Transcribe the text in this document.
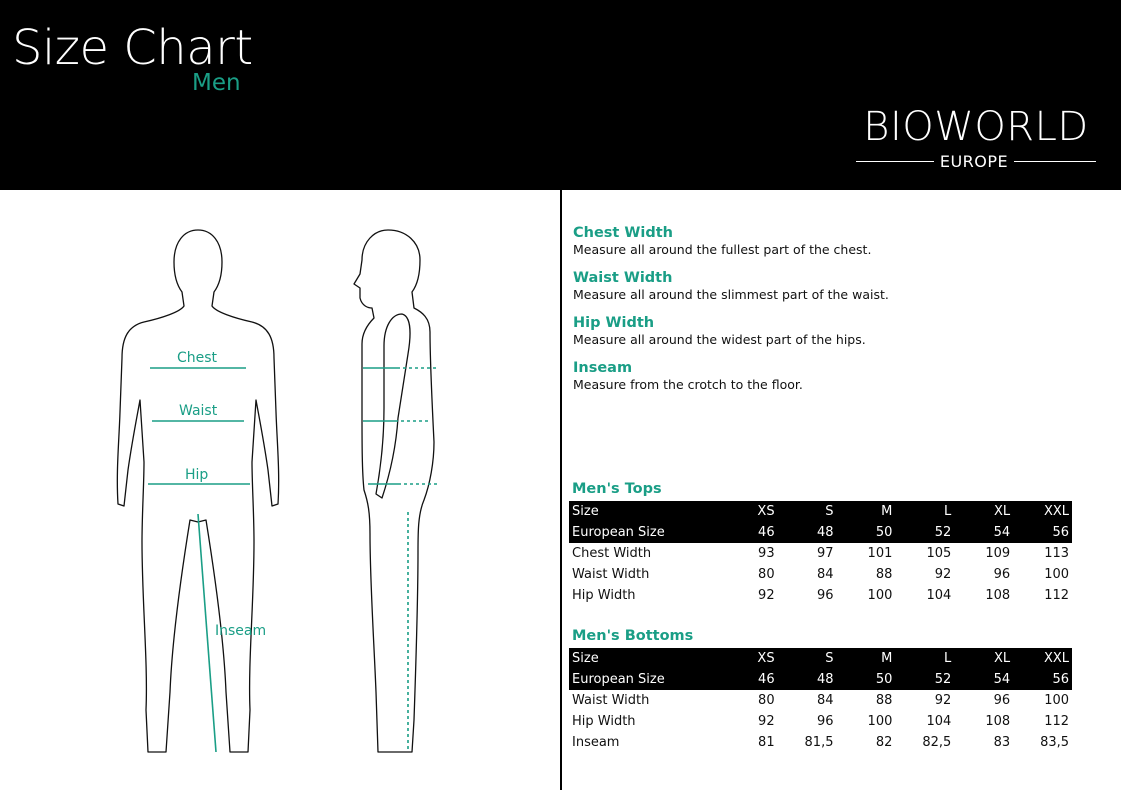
Size Chart
Men
BIOWORLD
EUROPE
Chest
Waist
Hip
Inseam
Chest Width
Measure all around the fullest part of the chest.
Waist Width
Measure all around the slimmest part of the waist.
Hip Width
Measure all around the widest part of the hips.
Inseam
Measure from the crotch to the floor.
Men's Tops
Size	XS	S	M	L	XL	XXL
European Size	46	48	50	52	54	56
Chest Width	93	97	101	105	109	113
Waist Width	80	84	88	92	96	100
Hip Width	92	96	100	104	108	112
Men's Bottoms
Size	XS	S	M	L	XL	XXL
European Size	46	48	50	52	54	56
Waist Width	80	84	88	92	96	100
Hip Width	92	96	100	104	108	112
Inseam	81	81,5	82	82,5	83	83,5
